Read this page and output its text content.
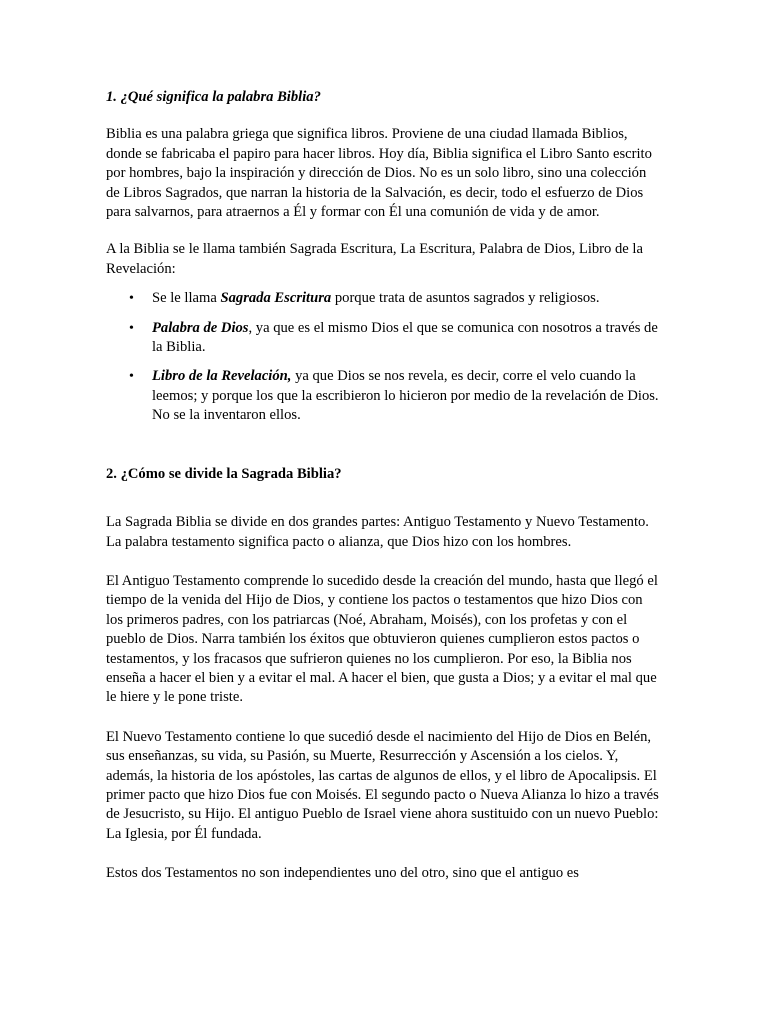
1. ¿Qué significa la palabra Biblia?

Biblia es una palabra griega que significa libros. Proviene de una ciudad llamada Biblios, donde se fabricaba el papiro para hacer libros. Hoy día, Biblia significa el Libro Santo escrito por hombres, bajo la inspiración y dirección de Dios. No es un solo libro, sino una colección de Libros Sagrados, que narran la historia de la Salvación, es decir, todo el esfuerzo de Dios para salvarnos, para atraernos a Él y formar con Él una comunión de vida y de amor.

A la Biblia se le llama también Sagrada Escritura, La Escritura, Palabra de Dios, Libro de la Revelación:

• Se le llama Sagrada Escritura porque trata de asuntos sagrados y religiosos.
• Palabra de Dios, ya que es el mismo Dios el que se comunica con nosotros a través de la Biblia.
• Libro de la Revelación, ya que Dios se nos revela, es decir, corre el velo cuando la leemos; y porque los que la escribieron lo hicieron por medio de la revelación de Dios. No se la inventaron ellos.

2. ¿Cómo se divide la Sagrada Biblia?

La Sagrada Biblia se divide en dos grandes partes: Antiguo Testamento y Nuevo Testamento. La palabra testamento significa pacto o alianza, que Dios hizo con los hombres.

El Antiguo Testamento comprende lo sucedido desde la creación del mundo, hasta que llegó el tiempo de la venida del Hijo de Dios, y contiene los pactos o testamentos que hizo Dios con los primeros padres, con los patriarcas (Noé, Abraham, Moisés), con los profetas y con el pueblo de Dios. Narra también los éxitos que obtuvieron quienes cumplieron estos pactos o testamentos, y los fracasos que sufrieron quienes no los cumplieron. Por eso, la Biblia nos enseña a hacer el bien y a evitar el mal. A hacer el bien, que gusta a Dios; y a evitar el mal que le hiere y le pone triste.

El Nuevo Testamento contiene lo que sucedió desde el nacimiento del Hijo de Dios en Belén, sus enseñanzas, su vida, su Pasión, su Muerte, Resurrección y Ascensión a los cielos. Y, además, la historia de los apóstoles, las cartas de algunos de ellos, y el libro de Apocalipsis. El primer pacto que hizo Dios fue con Moisés. El segundo pacto o Nueva Alianza lo hizo a través de Jesucristo, su Hijo. El antiguo Pueblo de Israel viene ahora sustituido con un nuevo Pueblo: La Iglesia, por Él fundada.

Estos dos Testamentos no son independientes uno del otro, sino que el antiguo es
